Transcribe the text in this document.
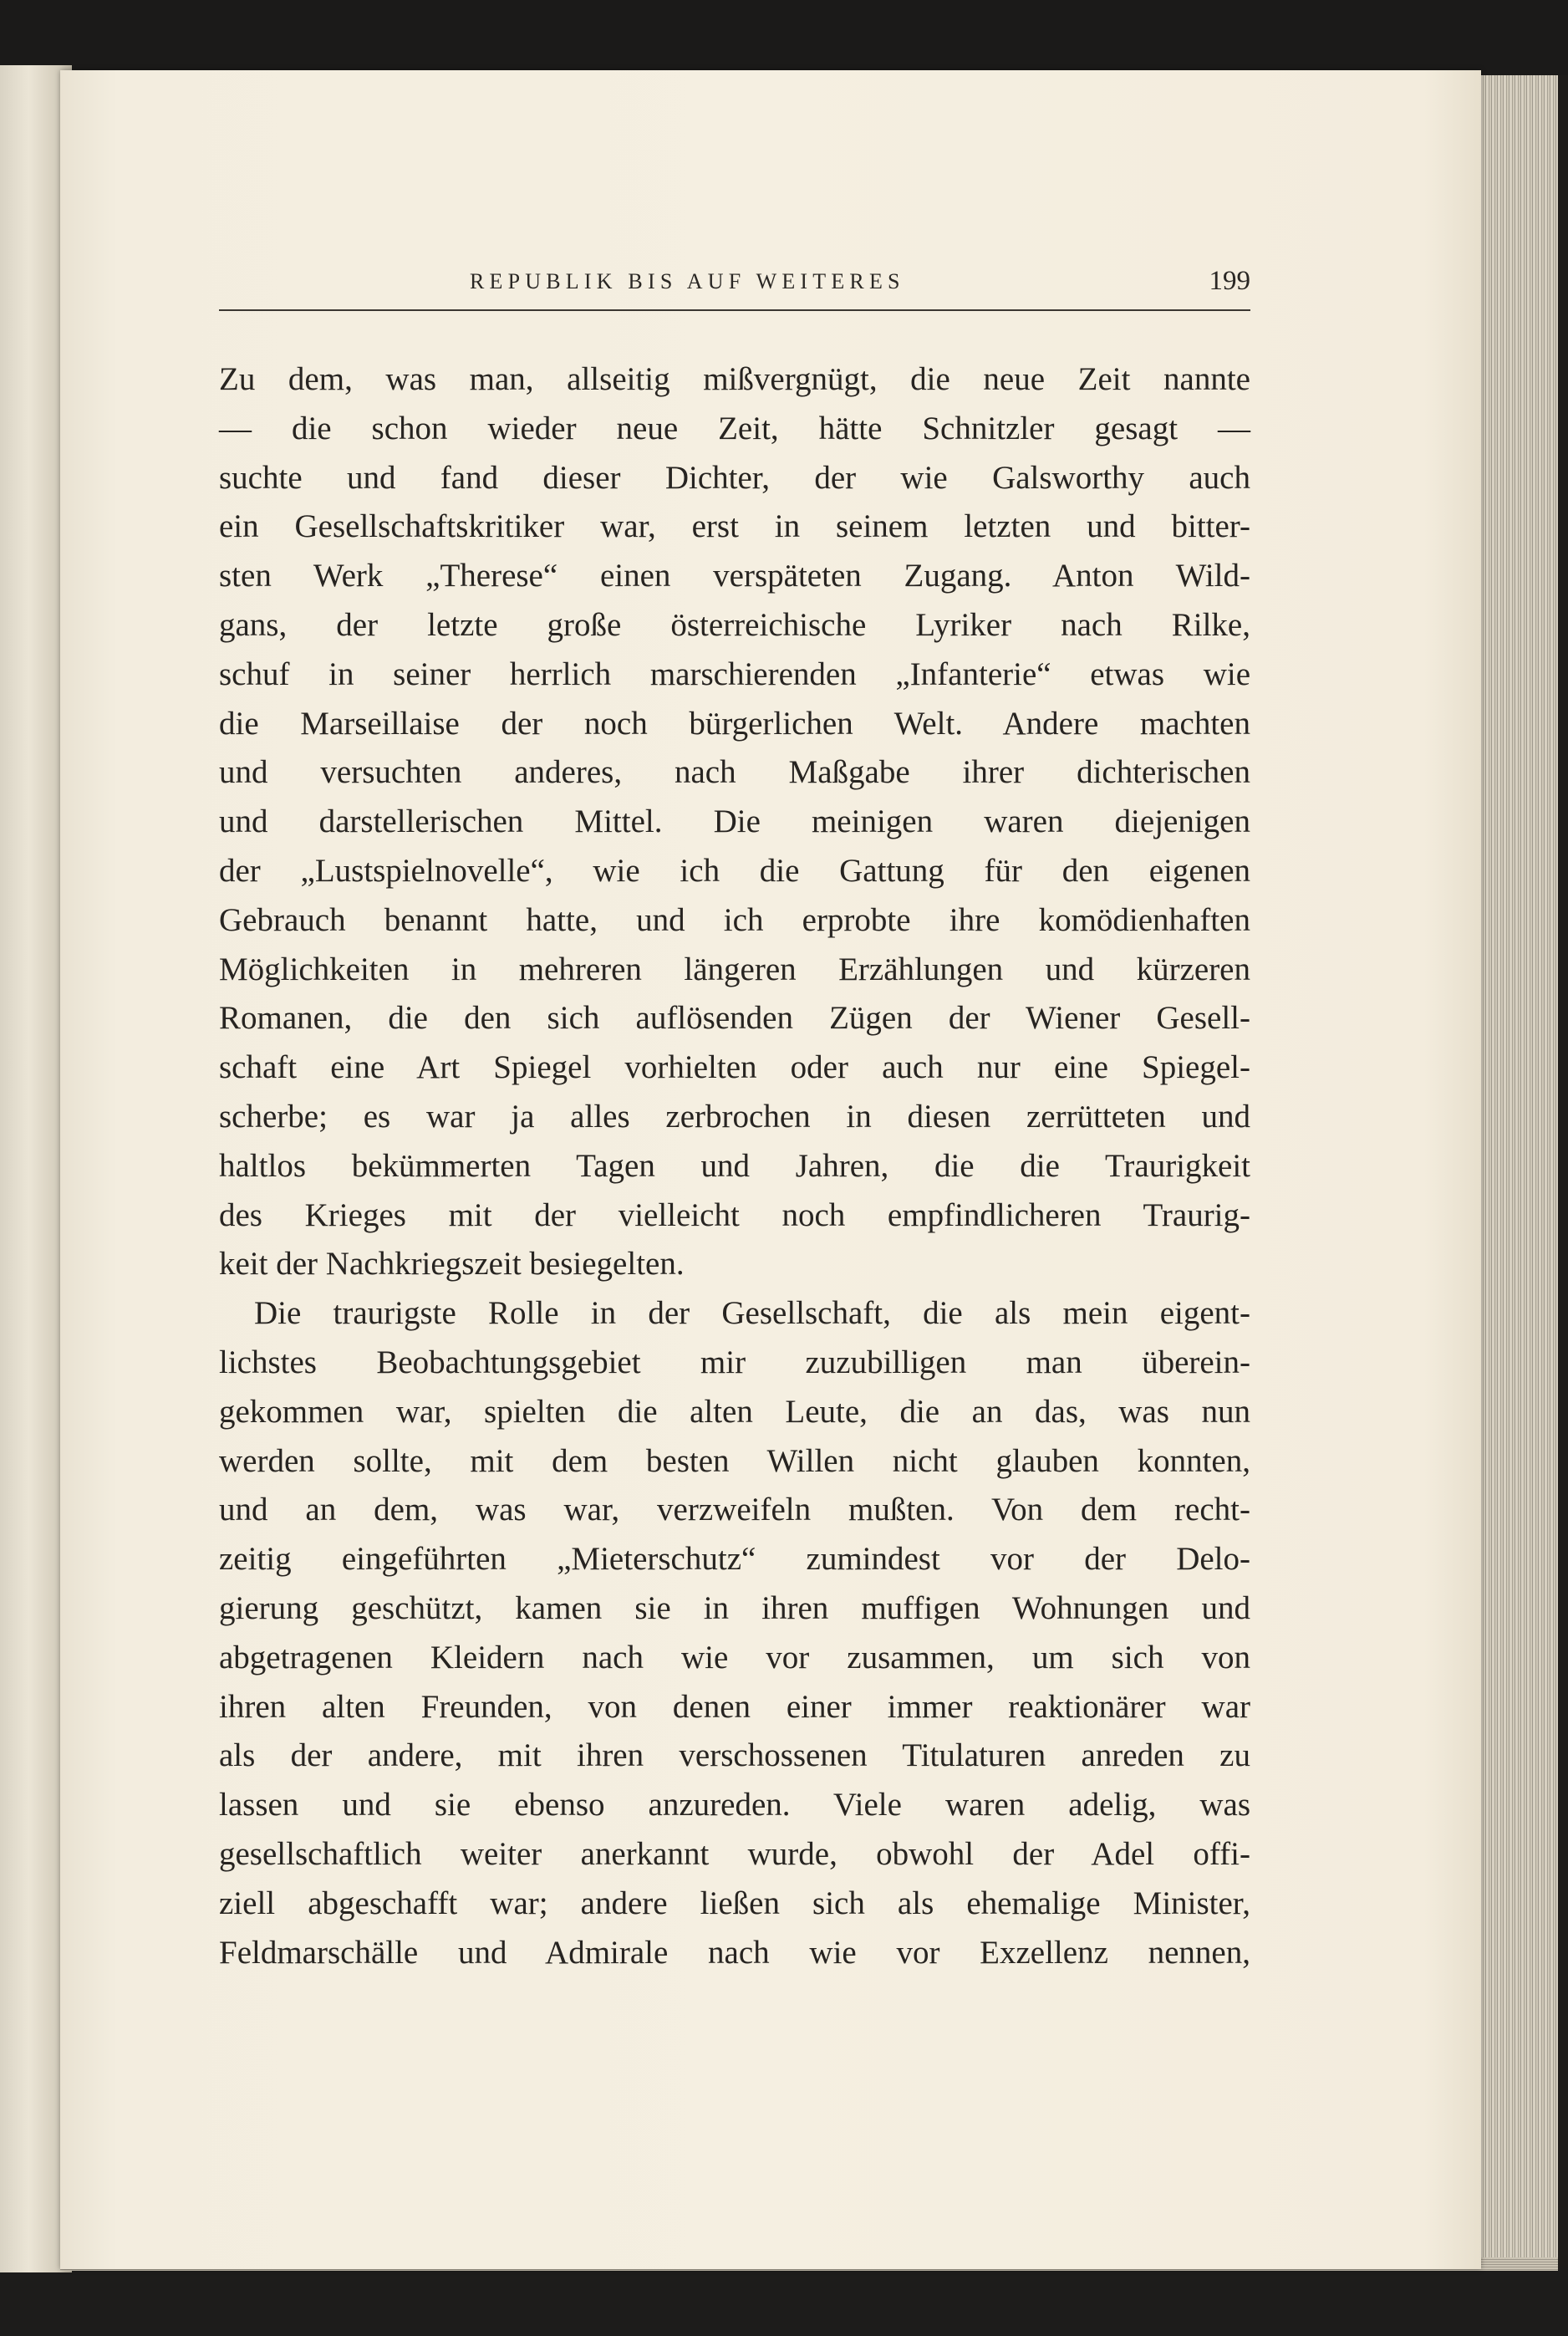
REPUBLIK BIS AUF WEITERES	199
Zu dem, was man, allseitig mißvergnügt, die neue Zeit nannte
— die schon wieder neue Zeit, hätte Schnitzler gesagt —
suchte und fand dieser Dichter, der wie Galsworthy auch
ein Gesellschaftskritiker war, erst in seinem letzten und bitter-
sten Werk „Therese“ einen verspäteten Zugang. Anton Wild-
gans, der letzte große österreichische Lyriker nach Rilke,
schuf in seiner herrlich marschierenden „Infanterie“ etwas wie
die Marseillaise der noch bürgerlichen Welt. Andere machten
und versuchten anderes, nach Maßgabe ihrer dichterischen
und darstellerischen Mittel. Die meinigen waren diejenigen
der „Lustspielnovelle“, wie ich die Gattung für den eigenen
Gebrauch benannt hatte, und ich erprobte ihre komödienhaften
Möglichkeiten in mehreren längeren Erzählungen und kürzeren
Romanen, die den sich auflösenden Zügen der Wiener Gesell-
schaft eine Art Spiegel vorhielten oder auch nur eine Spiegel-
scherbe; es war ja alles zerbrochen in diesen zerrütteten und
haltlos bekümmerten Tagen und Jahren, die die Traurigkeit
des Krieges mit der vielleicht noch empfindlicheren Traurig-
keit der Nachkriegszeit besiegelten.
Die traurigste Rolle in der Gesellschaft, die als mein eigent-
lichstes Beobachtungsgebiet mir zuzubilligen man überein-
gekommen war, spielten die alten Leute, die an das, was nun
werden sollte, mit dem besten Willen nicht glauben konnten,
und an dem, was war, verzweifeln mußten. Von dem recht-
zeitig eingeführten „Mieterschutz“ zumindest vor der Delo-
gierung geschützt, kamen sie in ihren muffigen Wohnungen und
abgetragenen Kleidern nach wie vor zusammen, um sich von
ihren alten Freunden, von denen einer immer reaktionärer war
als der andere, mit ihren verschossenen Titulaturen anreden zu
lassen und sie ebenso anzureden. Viele waren adelig, was
gesellschaftlich weiter anerkannt wurde, obwohl der Adel offi-
ziell abgeschafft war; andere ließen sich als ehemalige Minister,
Feldmarschälle und Admirale nach wie vor Exzellenz nennen,
